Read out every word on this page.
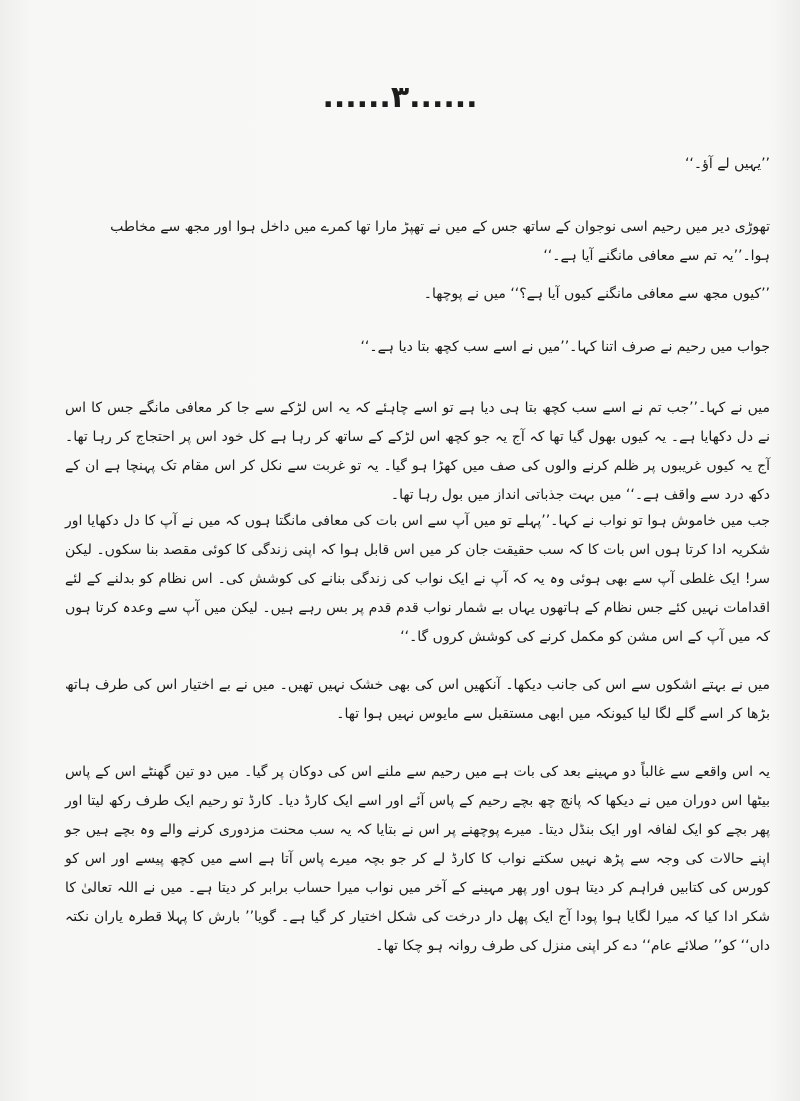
......۳......
’’یہیں لے آؤ۔‘‘
تھوڑی دیر میں رحیم اسی نوجوان کے ساتھ جس کے میں نے تھپڑ مارا تھا کمرے میں داخل ہوا اور مجھ سے مخاطب ہوا۔’’یہ تم سے معافی مانگنے آیا ہے۔‘‘
’’کیوں مجھ سے معافی مانگنے کیوں آیا ہے؟‘‘ میں نے پوچھا۔
جواب میں رحیم نے صرف اتنا کہا۔’’میں نے اسے سب کچھ بتا دیا ہے۔‘‘
میں نے کہا۔’’جب تم نے اسے سب کچھ بتا ہی دیا ہے تو اسے چاہئے کہ یہ اس لڑکے سے جا کر معافی مانگے جس کا اس نے دل دکھایا ہے۔ یہ کیوں بھول گیا تھا کہ آج یہ جو کچھ اس لڑکے کے ساتھ کر رہا ہے کل خود اس پر احتجاج کر رہا تھا۔ آج یہ کیوں غریبوں پر ظلم کرنے والوں کی صف میں کھڑا ہو گیا۔ یہ تو غربت سے نکل کر اس مقام تک پہنچا ہے ان کے دکھ درد سے واقف ہے۔‘‘ میں بہت جذباتی انداز میں بول رہا تھا۔
جب میں خاموش ہوا تو نواب نے کہا۔’’پہلے تو میں آپ سے اس بات کی معافی مانگتا ہوں کہ میں نے آپ کا دل دکھایا اور شکریہ ادا کرتا ہوں اس بات کا کہ سب حقیقت جان کر میں اس قابل ہوا کہ اپنی زندگی کا کوئی مقصد بنا سکوں۔ لیکن سر! ایک غلطی آپ سے بھی ہوئی وہ یہ کہ آپ نے ایک نواب کی زندگی بنانے کی کوشش کی۔ اس نظام کو بدلنے کے لئے اقدامات نہیں کئے جس نظام کے ہاتھوں یہاں بے شمار نواب قدم قدم پر بس رہے ہیں۔ لیکن میں آپ سے وعدہ کرتا ہوں کہ میں آپ کے اس مشن کو مکمل کرنے کی کوشش کروں گا۔‘‘
میں نے بہتے اشکوں سے اس کی جانب دیکھا۔ آنکھیں اس کی بھی خشک نہیں تھیں۔ میں نے بے اختیار اس کی طرف ہاتھ بڑھا کر اسے گلے لگا لیا کیونکہ میں ابھی مستقبل سے مایوس نہیں ہوا تھا۔
یہ اس واقعے سے غالباً دو مہینے بعد کی بات ہے میں رحیم سے ملنے اس کی دوکان پر گیا۔ میں دو تین گھنٹے اس کے پاس بیٹھا اس دوران میں نے دیکھا کہ پانچ چھ بچے رحیم کے پاس آئے اور اسے ایک کارڈ دیا۔ کارڈ تو رحیم ایک طرف رکھ لیتا اور پھر بچے کو ایک لفافہ اور ایک بنڈل دیتا۔ میرے پوچھنے پر اس نے بتایا کہ یہ سب محنت مزدوری کرنے والے وہ بچے ہیں جو اپنے حالات کی وجہ سے پڑھ نہیں سکتے نواب کا کارڈ لے کر جو بچہ میرے پاس آتا ہے اسے میں کچھ پیسے اور اس کو کورس کی کتابیں فراہم کر دیتا ہوں اور پھر مہینے کے آخر میں نواب میرا حساب برابر کر دیتا ہے۔ میں نے اللہ تعالیٰ کا شکر ادا کیا کہ میرا لگایا ہوا پودا آج ایک پھل دار درخت کی شکل اختیار کر گیا ہے۔ گویا’’ بارش کا پہلا قطرہ یاران نکتہ داں‘‘ کو’’ صلائے عام‘‘ دے کر اپنی منزل کی طرف روانہ ہو چکا تھا۔
